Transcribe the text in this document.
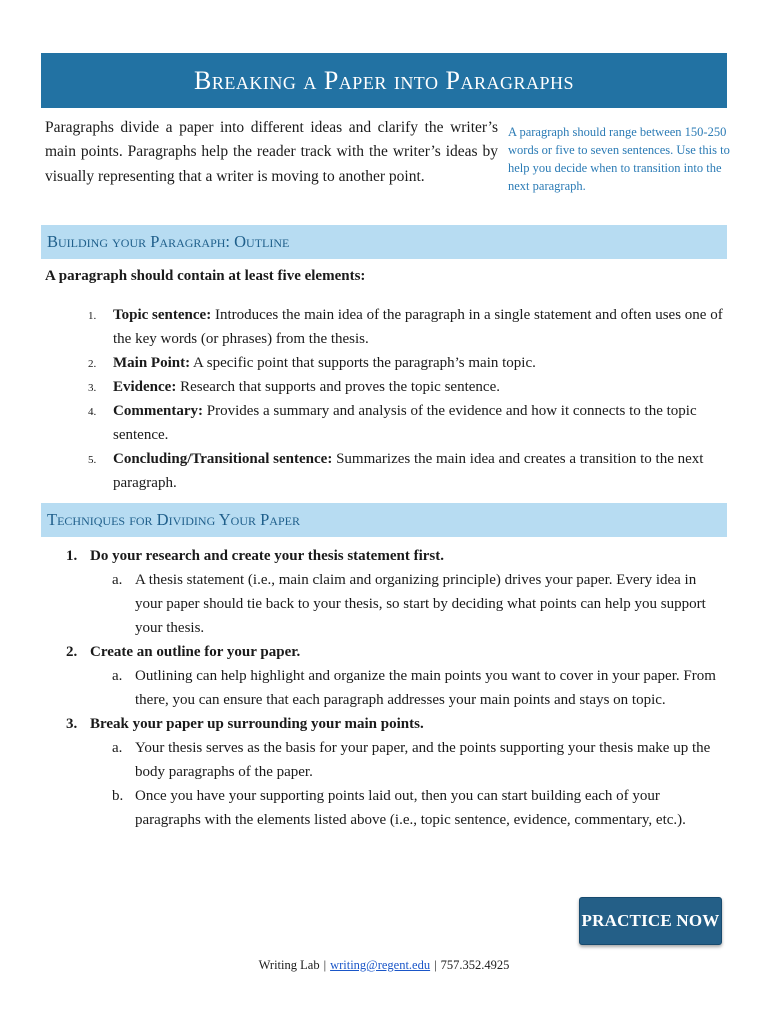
Breaking a Paper into Paragraphs
Paragraphs divide a paper into different ideas and clarify the writer’s main points. Paragraphs help the reader track with the writer’s ideas by visually representing that a writer is moving to another point.
A paragraph should range between 150-250 words or five to seven sentences. Use this to help you decide when to transition into the next paragraph.
Building your Paragraph: Outline
A paragraph should contain at least five elements:
1. Topic sentence: Introduces the main idea of the paragraph in a single statement and often uses one of the key words (or phrases) from the thesis.
2. Main Point: A specific point that supports the paragraph’s main topic.
3. Evidence: Research that supports and proves the topic sentence.
4. Commentary: Provides a summary and analysis of the evidence and how it connects to the topic sentence.
5. Concluding/Transitional sentence: Summarizes the main idea and creates a transition to the next paragraph.
Techniques for Dividing Your Paper
1. Do your research and create your thesis statement first.
a. A thesis statement (i.e., main claim and organizing principle) drives your paper. Every idea in your paper should tie back to your thesis, so start by deciding what points can help you support your thesis.
2. Create an outline for your paper.
a. Outlining can help highlight and organize the main points you want to cover in your paper. From there, you can ensure that each paragraph addresses your main points and stays on topic.
3. Break your paper up surrounding your main points.
a. Your thesis serves as the basis for your paper, and the points supporting your thesis make up the body paragraphs of the paper.
b. Once you have your supporting points laid out, then you can start building each of your paragraphs with the elements listed above (i.e., topic sentence, evidence, commentary, etc.).
PRACTICE NOW
Writing Lab | writing@regent.edu | 757.352.4925
